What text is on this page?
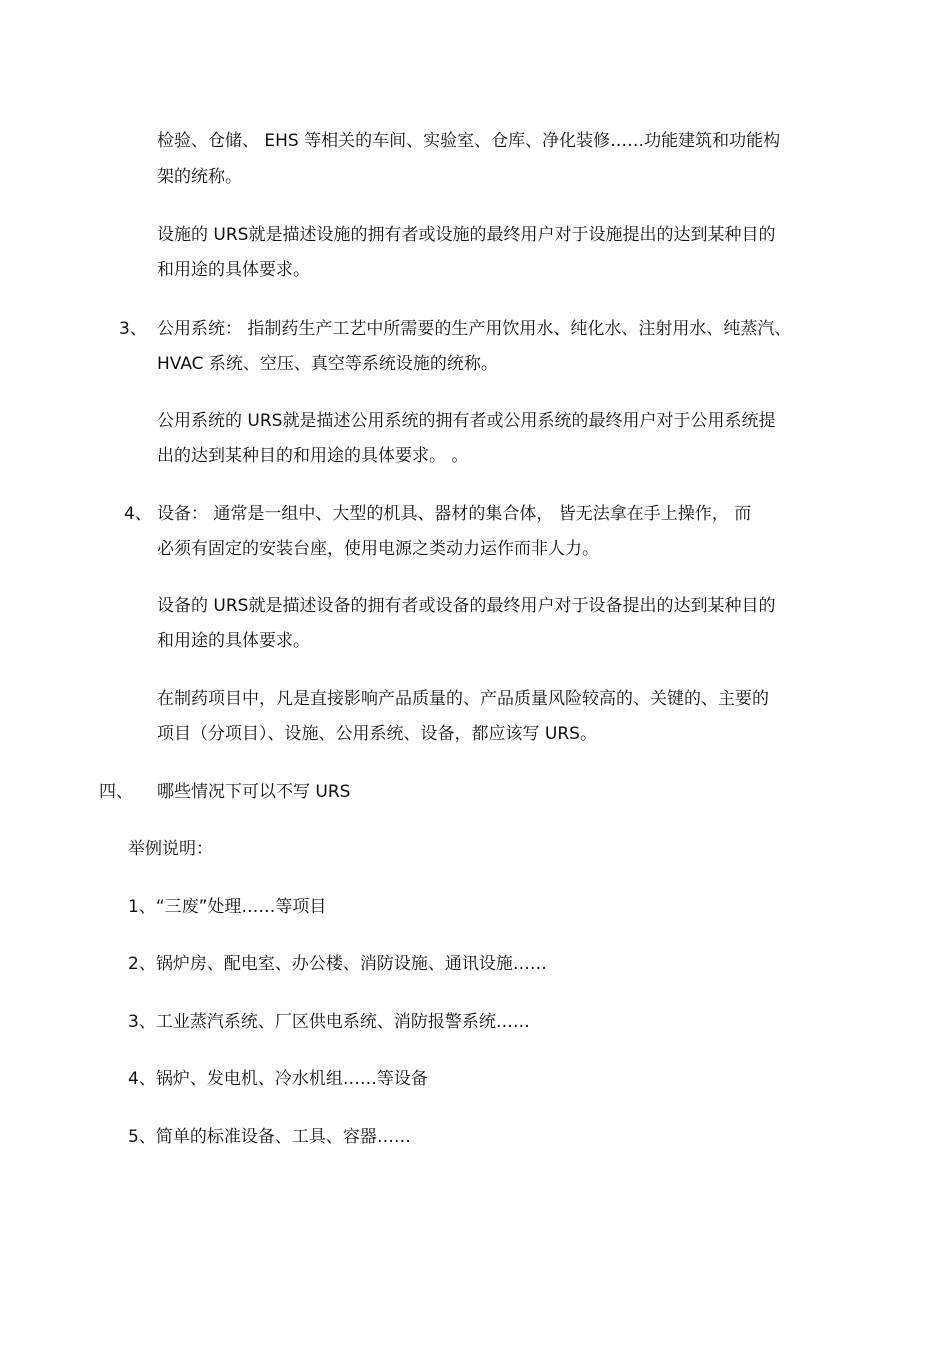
检验、仓储、 EHS 等相关的车间、实验室、仓库、净化装修……功能建筑和功能构

架的统称。

设施的 URS就是描述设施的拥有者或设施的最终用户对于设施提出的达到某种目的

和用途的具体要求。

3、 公用系统： 指制药生产工艺中所需要的生产用饮用水、纯化水、注射用水、纯蒸汽、

HVAC 系统、空压、真空等系统设施的统称。

公用系统的 URS就是描述公用系统的拥有者或公用系统的最终用户对于公用系统提

出的达到某种目的和用途的具体要求。 。

4、 设备： 通常是一组中、大型的机具、器材的集合体， 皆无法拿在手上操作， 而

必须有固定的安装台座，使用电源之类动力运作而非人力。

设备的 URS就是描述设备的拥有者或设备的最终用户对于设备提出的达到某种目的

和用途的具体要求。

在制药项目中，凡是直接影响产品质量的、产品质量风险较高的、关键的、主要的

项目（分项目）、设施、公用系统、设备，都应该写 URS。

四、 哪些情况下可以不写 URS

举例说明：

1、“三废”处理……等项目

2、锅炉房、配电室、办公楼、消防设施、通讯设施……

3、工业蒸汽系统、厂区供电系统、消防报警系统……

4、锅炉、发电机、冷水机组……等设备

5、简单的标准设备、工具、容器……
